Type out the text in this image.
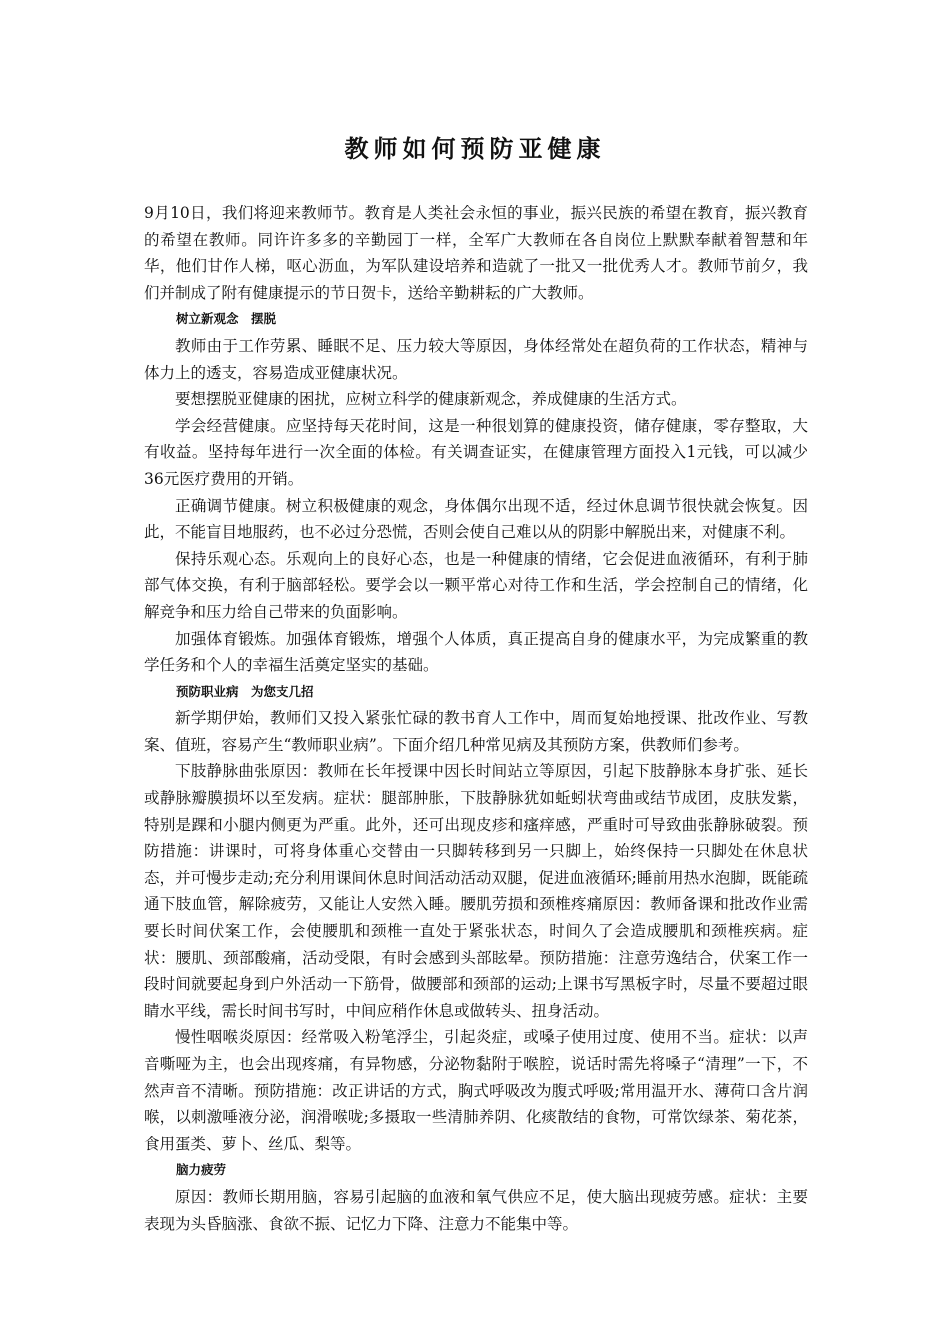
教师如何预防亚健康

9月10日，我们将迎来教师节。教育是人类社会永恒的事业，振兴民族的希望在教育，振兴教育的希望在教师。同许许多多的辛勤园丁一样，全军广大教师在各自岗位上默默奉献着智慧和年华，他们甘作人梯，呕心沥血，为军队建设培养和造就了一批又一批优秀人才。教师节前夕，我们并制成了附有健康提示的节日贺卡，送给辛勤耕耘的广大教师。

树立新观念　摆脱

教师由于工作劳累、睡眠不足、压力较大等原因，身体经常处在超负荷的工作状态，精神与体力上的透支，容易造成亚健康状况。

要想摆脱亚健康的困扰，应树立科学的健康新观念，养成健康的生活方式。

学会经营健康。应坚持每天花时间，这是一种很划算的健康投资，储存健康，零存整取，大有收益。坚持每年进行一次全面的体检。有关调查证实，在健康管理方面投入1元钱，可以减少36元医疗费用的开销。

正确调节健康。树立积极健康的观念，身体偶尔出现不适，经过休息调节很快就会恢复。因此，不能盲目地服药，也不必过分恐慌，否则会使自己难以从的阴影中解脱出来，对健康不利。

保持乐观心态。乐观向上的良好心态，也是一种健康的情绪，它会促进血液循环，有利于肺部气体交换，有利于脑部轻松。要学会以一颗平常心对待工作和生活，学会控制自己的情绪，化解竞争和压力给自己带来的负面影响。

加强体育锻炼。加强体育锻炼，增强个人体质，真正提高自身的健康水平，为完成繁重的教学任务和个人的幸福生活奠定坚实的基础。

预防职业病　为您支几招

新学期伊始，教师们又投入紧张忙碌的教书育人工作中，周而复始地授课、批改作业、写教案、值班，容易产生“教师职业病”。下面介绍几种常见病及其预防方案，供教师们参考。

下肢静脉曲张原因：教师在长年授课中因长时间站立等原因，引起下肢静脉本身扩张、延长或静脉瓣膜损坏以至发病。症状：腿部肿胀，下肢静脉犹如蚯蚓状弯曲或结节成团，皮肤发紫，特别是踝和小腿内侧更为严重。此外，还可出现皮疹和瘙痒感，严重时可导致曲张静脉破裂。预防措施：讲课时，可将身体重心交替由一只脚转移到另一只脚上，始终保持一只脚处在休息状态，并可慢步走动;充分利用课间休息时间活动活动双腿，促进血液循环;睡前用热水泡脚，既能疏通下肢血管，解除疲劳，又能让人安然入睡。腰肌劳损和颈椎疼痛原因：教师备课和批改作业需要长时间伏案工作，会使腰肌和颈椎一直处于紧张状态，时间久了会造成腰肌和颈椎疾病。症状：腰肌、颈部酸痛，活动受限，有时会感到头部眩晕。预防措施：注意劳逸结合，伏案工作一段时间就要起身到户外活动一下筋骨，做腰部和颈部的运动;上课书写黑板字时，尽量不要超过眼睛水平线，需长时间书写时，中间应稍作休息或做转头、扭身活动。

慢性咽喉炎原因：经常吸入粉笔浮尘，引起炎症，或嗓子使用过度、使用不当。症状：以声音嘶哑为主，也会出现疼痛，有异物感，分泌物黏附于喉腔，说话时需先将嗓子“清理”一下，不然声音不清晰。预防措施：改正讲话的方式，胸式呼吸改为腹式呼吸;常用温开水、薄荷口含片润喉，以刺激唾液分泌，润滑喉咙;多摄取一些清肺养阴、化痰散结的食物，可常饮绿茶、菊花茶，食用蛋类、萝卜、丝瓜、梨等。

脑力疲劳

原因：教师长期用脑，容易引起脑的血液和氧气供应不足，使大脑出现疲劳感。症状：主要表现为头昏脑涨、食欲不振、记忆力下降、注意力不能集中等。
